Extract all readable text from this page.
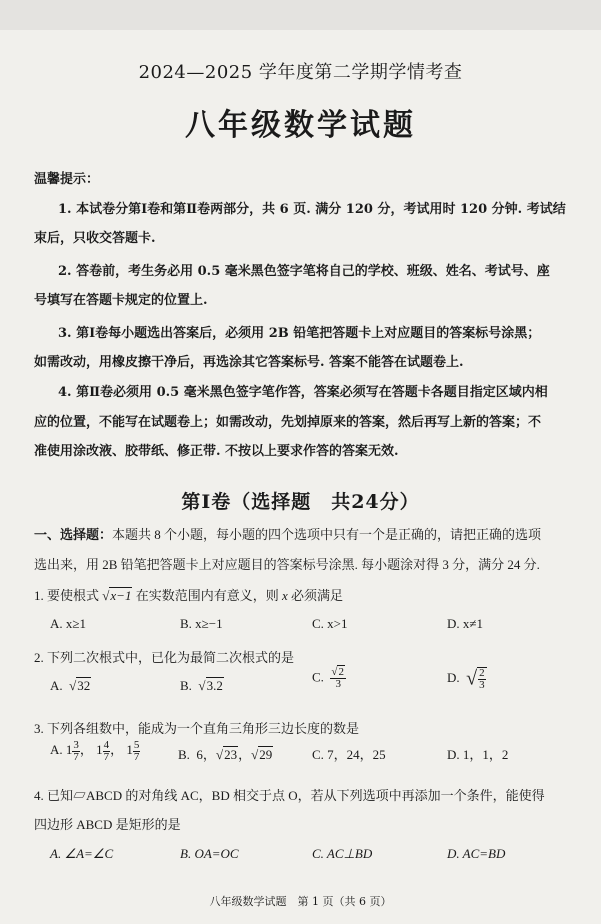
2024—2025 学年度第二学期学情考查
八年级数学试题
温馨提示：
1. 本试卷分第Ⅰ卷和第Ⅱ卷两部分，共 6 页. 满分 120 分，考试用时 120 分钟. 考试结
束后，只收交答题卡.
2. 答卷前，考生务必用 0.5 毫米黑色签字笔将自己的学校、班级、姓名、考试号、座
号填写在答题卡规定的位置上.
3. 第Ⅰ卷每小题选出答案后，必须用 2B 铅笔把答题卡上对应题目的答案标号涂黑；
如需改动，用橡皮擦干净后，再选涂其它答案标号. 答案不能答在试题卷上.
4. 第Ⅱ卷必须用 0.5 毫米黑色签字笔作答，答案必须写在答题卡各题目指定区域内相
应的位置，不能写在试题卷上；如需改动，先划掉原来的答案，然后再写上新的答案；不
准使用涂改液、胶带纸、修正带. 不按以上要求作答的答案无效.
第Ⅰ卷（选择题　共24分）
一、选择题：本题共 8 个小题，每小题的四个选项中只有一个是正确的，请把正确的选项
选出来，用 2B 铅笔把答题卡上对应题目的答案标号涂黑. 每小题涂对得 3 分，满分 24 分.
1. 要使根式 √x−1 在实数范围内有意义，则 x 必须满足
A. x≥1	B. x≥−1	C. x>1	D. x≠1
2. 下列二次根式中，已化为最简二次根式的是
A.  √32	B.  √3.2
C. $\frac{√2}{3}$	D. √ $\frac{2}{3}$
3. 下列各组数中，能成为一个直角三角形三边长度的数是
A. $1 \frac{3}{7}$ ， $1 \frac{4}{7}$ ， $1 \frac{5}{7}$	B. 6，√23，√29	C. 7，24，25	D. 1，1，2
4. 已知▱ABCD 的对角线 AC，BD 相交于点 O，若从下列选项中再添加一个条件，能使得
四边形 ABCD 是矩形的是
A. ∠A=∠C	B. OA=OC	C. AC⊥BD	D. AC=BD
八年级数学试题　第 1 页（共 6 页）
